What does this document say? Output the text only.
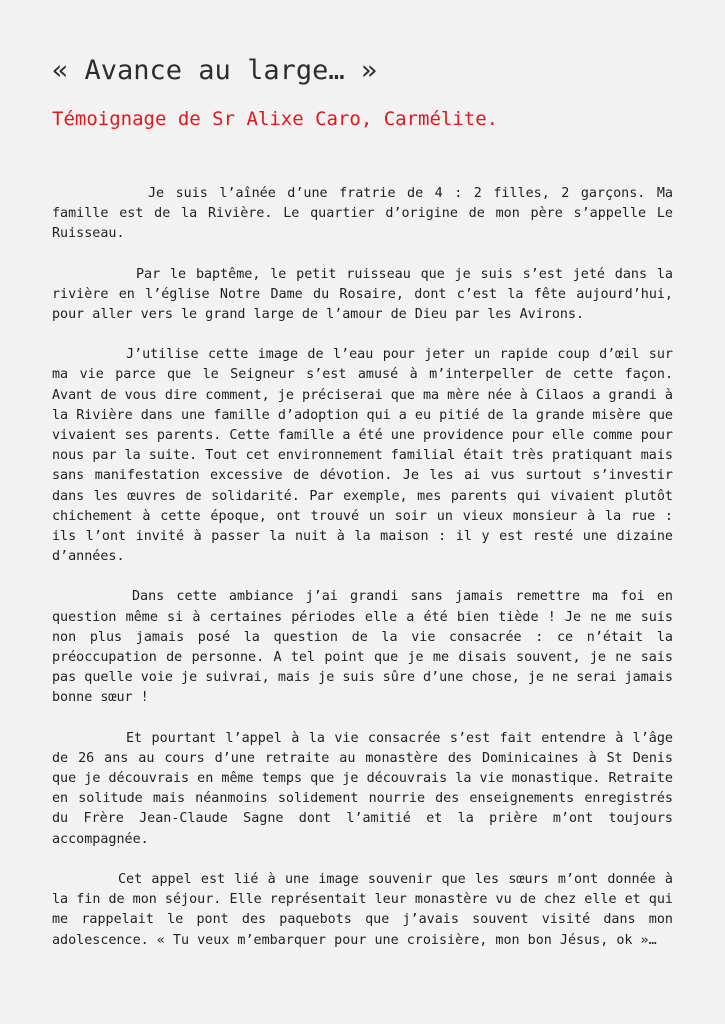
« Avance au large… »
Témoignage de Sr Alixe Caro, Carmélite.

Je suis l’aînée d’une fratrie de 4 : 2 filles, 2 garçons. Ma famille est de la Rivière. Le quartier d’origine de mon père s’appelle Le Ruisseau.

Par le baptême, le petit ruisseau que je suis s’est jeté dans la rivière en l’église Notre Dame du Rosaire, dont c’est la fête aujourd’hui, pour aller vers le grand large de l’amour de Dieu par les Avirons.

J’utilise cette image de l’eau pour jeter un rapide coup d’œil sur ma vie parce que le Seigneur s’est amusé à m’interpeller de cette façon. Avant de vous dire comment, je préciserai que ma mère née à Cilaos a grandi à la Rivière dans une famille d’adoption qui a eu pitié de la grande misère que vivaient ses parents. Cette famille a été une providence pour elle comme pour nous par la suite. Tout cet environnement familial était très pratiquant mais sans manifestation excessive de dévotion. Je les ai vus surtout s’investir dans les œuvres de solidarité. Par exemple, mes parents qui vivaient plutôt chichement à cette époque, ont trouvé un soir un vieux monsieur à la rue : ils l’ont invité à passer la nuit à la maison : il y est resté une dizaine d’années.

Dans cette ambiance j’ai grandi sans jamais remettre ma foi en question même si à certaines périodes elle a été bien tiède ! Je ne me suis non plus jamais posé la question de la vie consacrée : ce n’était la préoccupation de personne. A tel point que je me disais souvent, je ne sais pas quelle voie je suivrai, mais je suis sûre d’une chose, je ne serai jamais bonne sœur !

Et pourtant l’appel à la vie consacrée s’est fait entendre à l’âge de 26 ans au cours d’une retraite au monastère des Dominicaines à St Denis que je découvrais en même temps que je découvrais la vie monastique. Retraite en solitude mais néanmoins solidement nourrie des enseignements enregistrés du Frère Jean-Claude Sagne dont l’amitié et la prière m’ont toujours accompagnée.

Cet appel est lié à une image souvenir que les sœurs m’ont donnée à la fin de mon séjour. Elle représentait leur monastère vu de chez elle et qui me rappelait le pont des paquebots que j’avais souvent visité dans mon adolescence. « Tu veux m’embarquer pour une croisière, mon bon Jésus, ok »…
